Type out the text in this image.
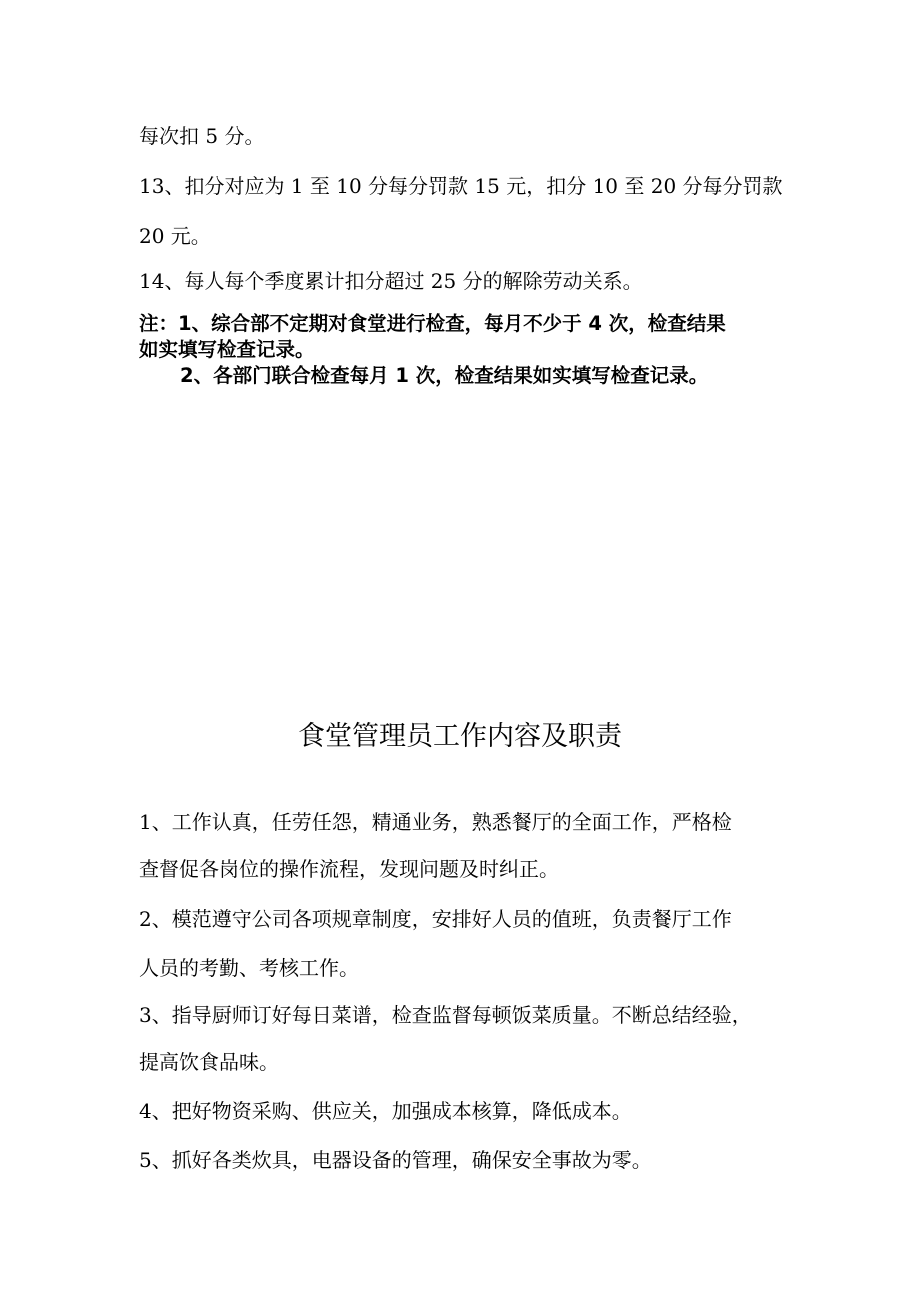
每次扣 5 分。
13、扣分对应为 1 至 10 分每分罚款 15 元，扣分 10 至 20 分每分罚款
20 元。
14、每人每个季度累计扣分超过 25 分的解除劳动关系。
注：1、综合部不定期对食堂进行检查，每月不少于 4 次，检查结果
如实填写检查记录。
2、各部门联合检查每月 1 次，检查结果如实填写检查记录。
食堂管理员工作内容及职责
1、工作认真，任劳任怨，精通业务，熟悉餐厅的全面工作，严格检
查督促各岗位的操作流程，发现问题及时纠正。
2、模范遵守公司各项规章制度，安排好人员的值班，负责餐厅工作
人员的考勤、考核工作。
3、指导厨师订好每日菜谱，检查监督每顿饭菜质量。不断总结经验，
提高饮食品味。
4、把好物资采购、供应关，加强成本核算，降低成本。
5、抓好各类炊具，电器设备的管理，确保安全事故为零。
